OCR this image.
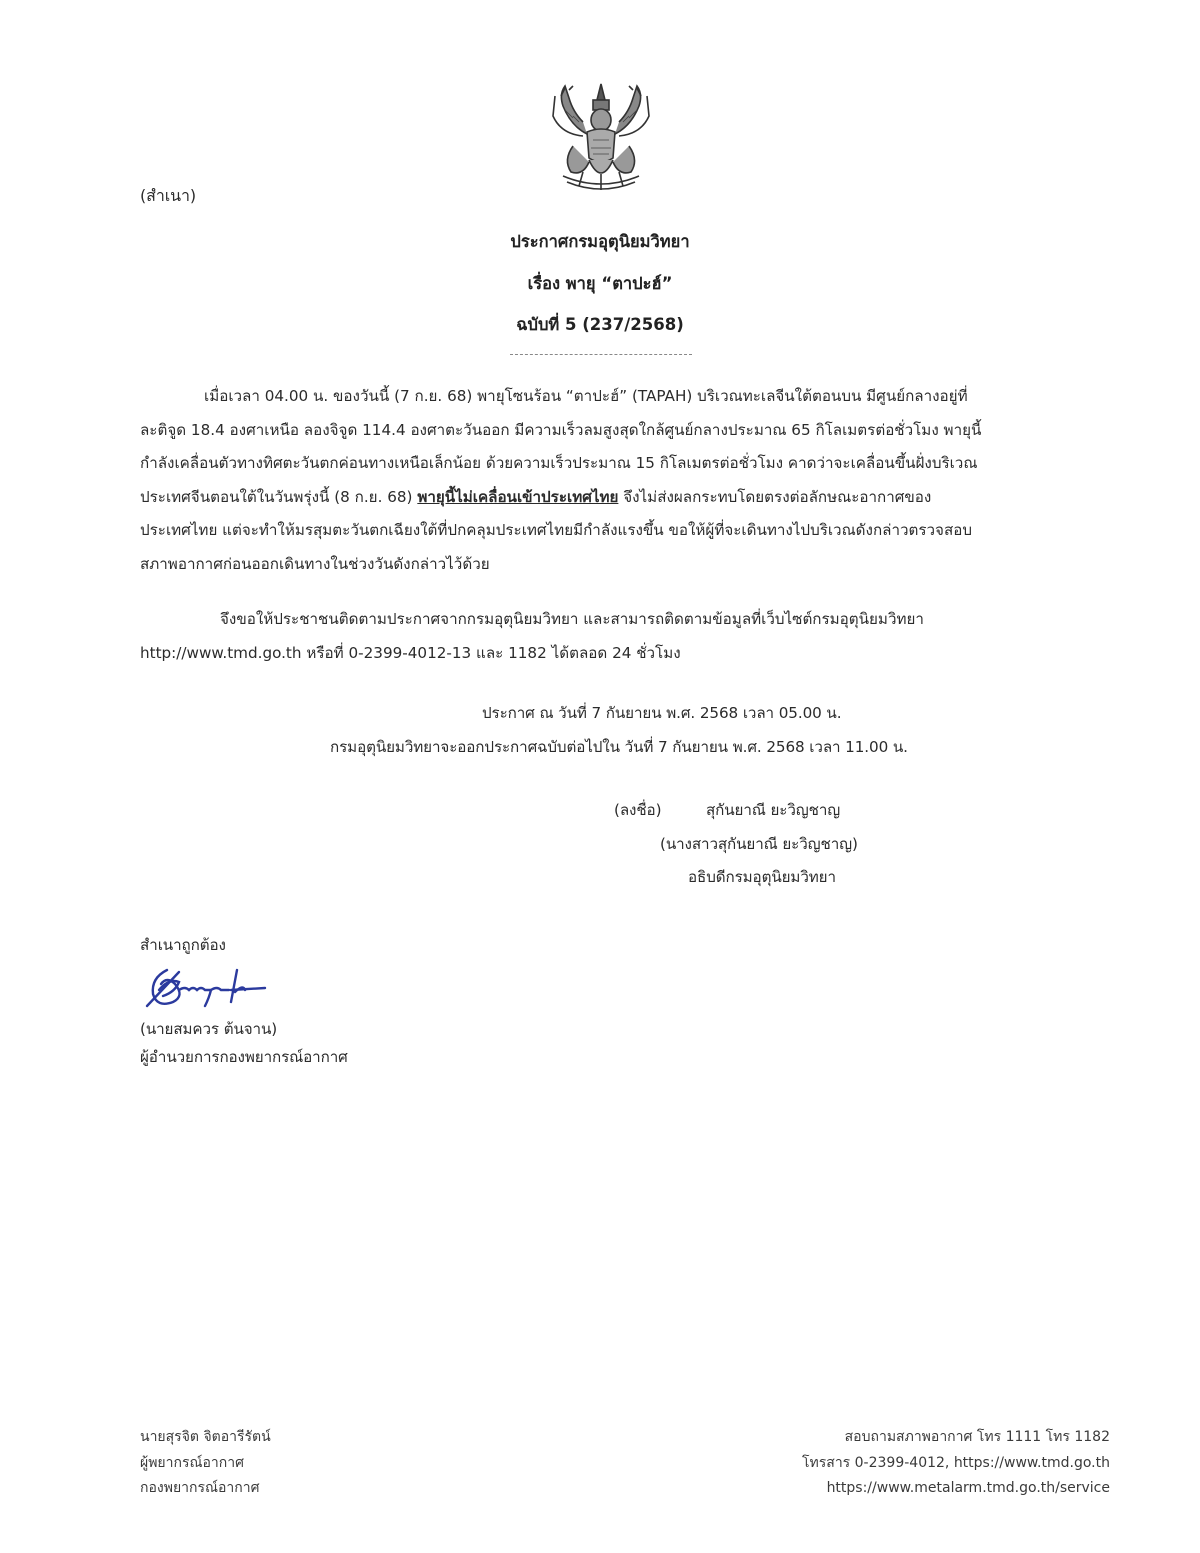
(สำเนา)
ประกาศกรมอุตุนิยมวิทยา
เรื่อง พายุ “ตาปะฮ์”
ฉบับที่ 5 (237/2568)

เมื่อเวลา 04.00 น. ของวันนี้ (7 ก.ย. 68) พายุโซนร้อน “ตาปะฮ์” (TAPAH) บริเวณทะเลจีนใต้ตอนบน มีศูนย์กลางอยู่ที่

ละติจูด 18.4 องศาเหนือ ลองจิจูด 114.4 องศาตะวันออก มีความเร็วลมสูงสุดใกล้ศูนย์กลางประมาณ 65 กิโลเมตรต่อชั่วโมง พายุนี้

กำลังเคลื่อนตัวทางทิศตะวันตกค่อนทางเหนือเล็กน้อย ด้วยความเร็วประมาณ 15 กิโลเมตรต่อชั่วโมง คาดว่าจะเคลื่อนขึ้นฝั่งบริเวณ

ประเทศจีนตอนใต้ในวันพรุ่งนี้ (8 ก.ย. 68) พายุนี้ไม่เคลื่อนเข้าประเทศไทย จึงไม่ส่งผลกระทบโดยตรงต่อลักษณะอากาศของ

ประเทศไทย แต่จะทำให้มรสุมตะวันตกเฉียงใต้ที่ปกคลุมประเทศไทยมีกำลังแรงขึ้น ขอให้ผู้ที่จะเดินทางไปบริเวณดังกล่าวตรวจสอบ

สภาพอากาศก่อนออกเดินทางในช่วงวันดังกล่าวไว้ด้วย

จึงขอให้ประชาชนติดตามประกาศจากกรมอุตุนิยมวิทยา และสามารถติดตามข้อมูลที่เว็บไซต์กรมอุตุนิยมวิทยา

http://www.tmd.go.th หรือที่ 0-2399-4012-13 และ 1182 ได้ตลอด 24 ชั่วโมง

ประกาศ ณ วันที่ 7 กันยายน พ.ศ. 2568 เวลา 05.00 น.
กรมอุตุนิยมวิทยาจะออกประกาศฉบับต่อไปใน วันที่ 7 กันยายน พ.ศ. 2568 เวลา 11.00 น.
(ลงชื่อ)	สุกันยาณี ยะวิญชาญ
(นางสาวสุกันยาณี ยะวิญชาญ)
อธิบดีกรมอุตุนิยมวิทยา
สำเนาถูกต้อง
(นายสมควร ต้นจาน)
ผู้อำนวยการกองพยากรณ์อากาศ
นายสุรจิต จิตอารีรัตน์
ผู้พยากรณ์อากาศ
กองพยากรณ์อากาศ
สอบถามสภาพอากาศ โทร 1111 โทร 1182
โทรสาร 0-2399-4012, https://www.tmd.go.th
https://www.metalarm.tmd.go.th/service
